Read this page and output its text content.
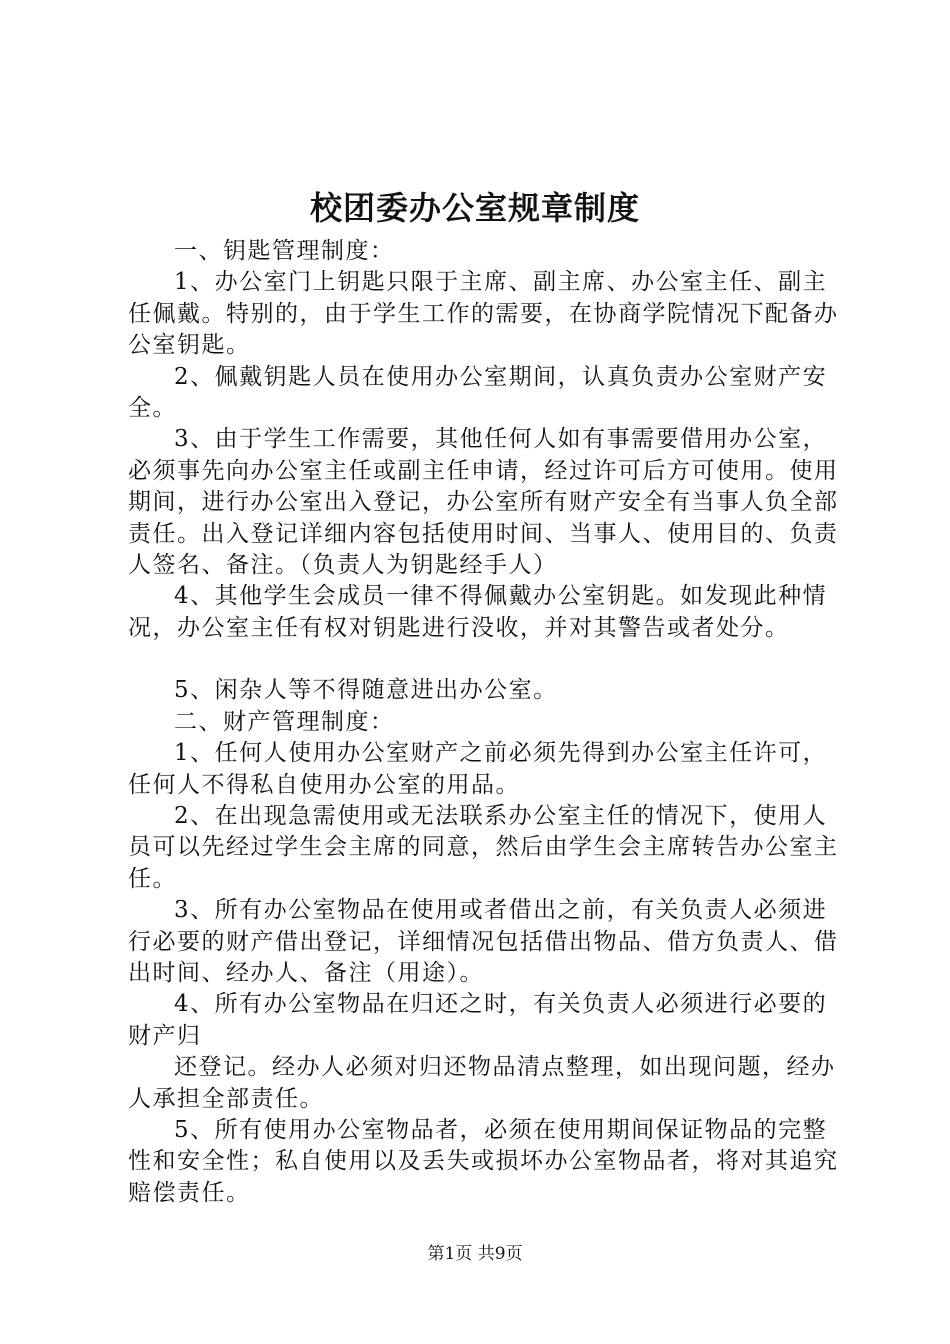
校团委办公室规章制度

一、钥匙管理制度：

1、办公室门上钥匙只限于主席、副主席、办公室主任、副主任佩戴。特别的，由于学生工作的需要，在协商学院情况下配备办公室钥匙。

2、佩戴钥匙人员在使用办公室期间，认真负责办公室财产安全。

3、由于学生工作需要，其他任何人如有事需要借用办公室，必须事先向办公室主任或副主任申请，经过许可后方可使用。使用期间，进行办公室出入登记，办公室所有财产安全有当事人负全部责任。出入登记详细内容包括使用时间、当事人、使用目的、负责人签名、备注。（负责人为钥匙经手人）

4、其他学生会成员一律不得佩戴办公室钥匙。如发现此种情况，办公室主任有权对钥匙进行没收，并对其警告或者处分。

5、闲杂人等不得随意进出办公室。

二、财产管理制度：

1、任何人使用办公室财产之前必须先得到办公室主任许可，任何人不得私自使用办公室的用品。

2、在出现急需使用或无法联系办公室主任的情况下，使用人员可以先经过学生会主席的同意，然后由学生会主席转告办公室主任。

3、所有办公室物品在使用或者借出之前，有关负责人必须进行必要的财产借出登记，详细情况包括借出物品、借方负责人、借出时间、经办人、备注（用途）。

4、所有办公室物品在归还之时，有关负责人必须进行必要的财产归

还登记。经办人必须对归还物品清点整理，如出现问题，经办人承担全部责任。

5、所有使用办公室物品者，必须在使用期间保证物品的完整性和安全性；私自使用以及丢失或损坏办公室物品者，将对其追究赔偿责任。

第1页 共9页
